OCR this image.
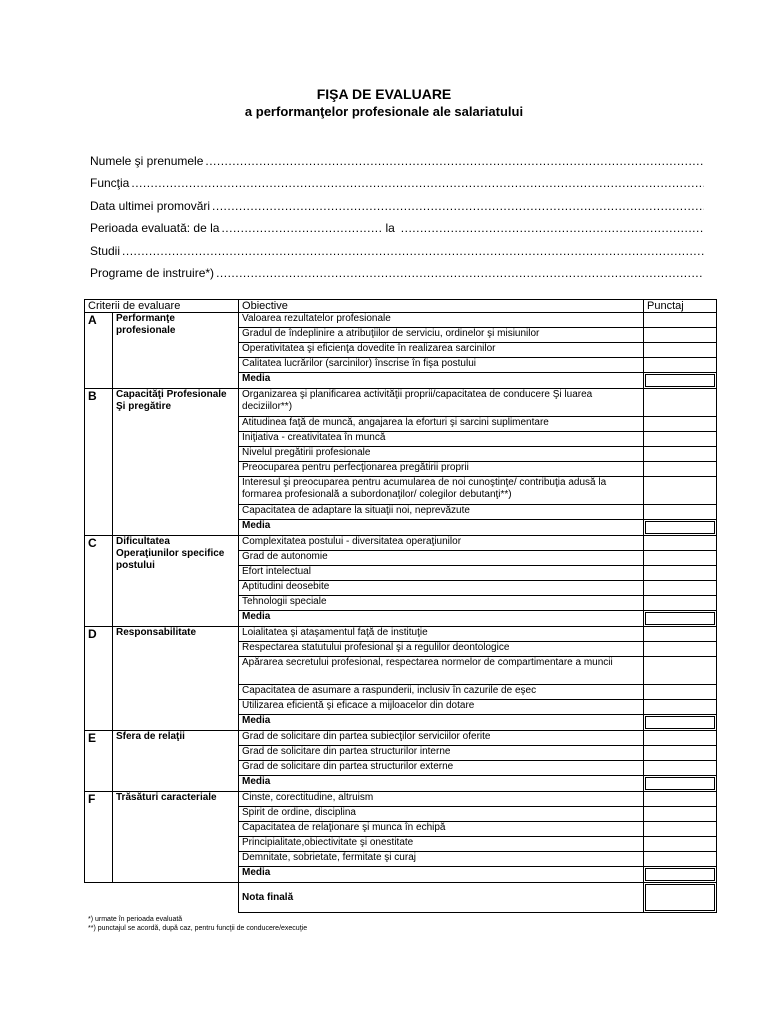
FIŞA DE EVALUARE
a performanţelor profesionale ale salariatului
Numele şi prenumele
.....
Funcţia
.....
Data ultimei promovări
.....
Perioada evaluată: de la .....	la
.....
Studii
.....
Programe de instruire*)
.....
Criterii de evaluare		Obiective	Punctaj
A	Performanţe profesionale	Valoarea rezultatelor profesionale	
		Gradul de îndeplinire a atribuţiilor de serviciu, ordinelor şi misiunilor	
		Operativitatea şi eficienţa dovedite în realizarea sarcinilor	
		Calitatea lucrărilor (sarcinilor) înscrise în fişa postului	
		Media	

B	Capacităţi Profesionale Şi pregătire	Organizarea şi planificarea activităţii proprii/capacitatea de conducere Şi luarea deciziilor**)	
		Atitudinea faţă de muncă, angajarea la eforturi şi sarcini suplimentare	
		Iniţiativa - creativitatea în muncă	
		Nivelul pregătirii profesionale	
		Preocuparea pentru perfecţionarea pregătirii proprii	
		Interesul şi preocuparea pentru acumularea de noi cunoştinţe/ contribuţia adusă la formarea profesională a subordonaţilor/ colegilor debutanţi**)	
		Capacitatea de adaptare la situaţii noi, neprevăzute	
		Media	

C	Dificultatea Operaţiunilor specifice postului	Complexitatea postului - diversitatea operaţiunilor	
		Grad de autonomie	
		Efort intelectual	
		Aptitudini deosebite	
		Tehnologii speciale	
		Media	

D	Responsabilitate	Loialitatea şi ataşamentul faţă de instituţie	
		Respectarea statutului profesional şi a regulilor deontologice	
		Apărarea secretului profesional, respectarea normelor de compartimentare a muncii	
		Capacitatea de asumare a raspunderii, inclusiv în cazurile de eşec	
		Utilizarea eficientă şi eficace a mijloacelor din dotare	
		Media	

E	Sfera de relaţii	Grad de solicitare din partea subiecţilor serviciilor oferite	
		Grad de solicitare din partea structurilor interne	
		Grad de solicitare din partea structurilor externe	
		Media	

F	Trăsături caracteriale	Cinste, corectitudine, altruism	
		Spirit de ordine, disciplina	
		Capacitatea de relaţionare şi munca în echipă	
		Principialitate,obiectivitate şi onestitate	
		Demnitate, sobrietate, fermitate şi curaj	
		Media	

		Nota finală	
*) urmate în perioada evaluată
**) punctajul se acordă, după caz, pentru funcţii de conducere/execuţie
